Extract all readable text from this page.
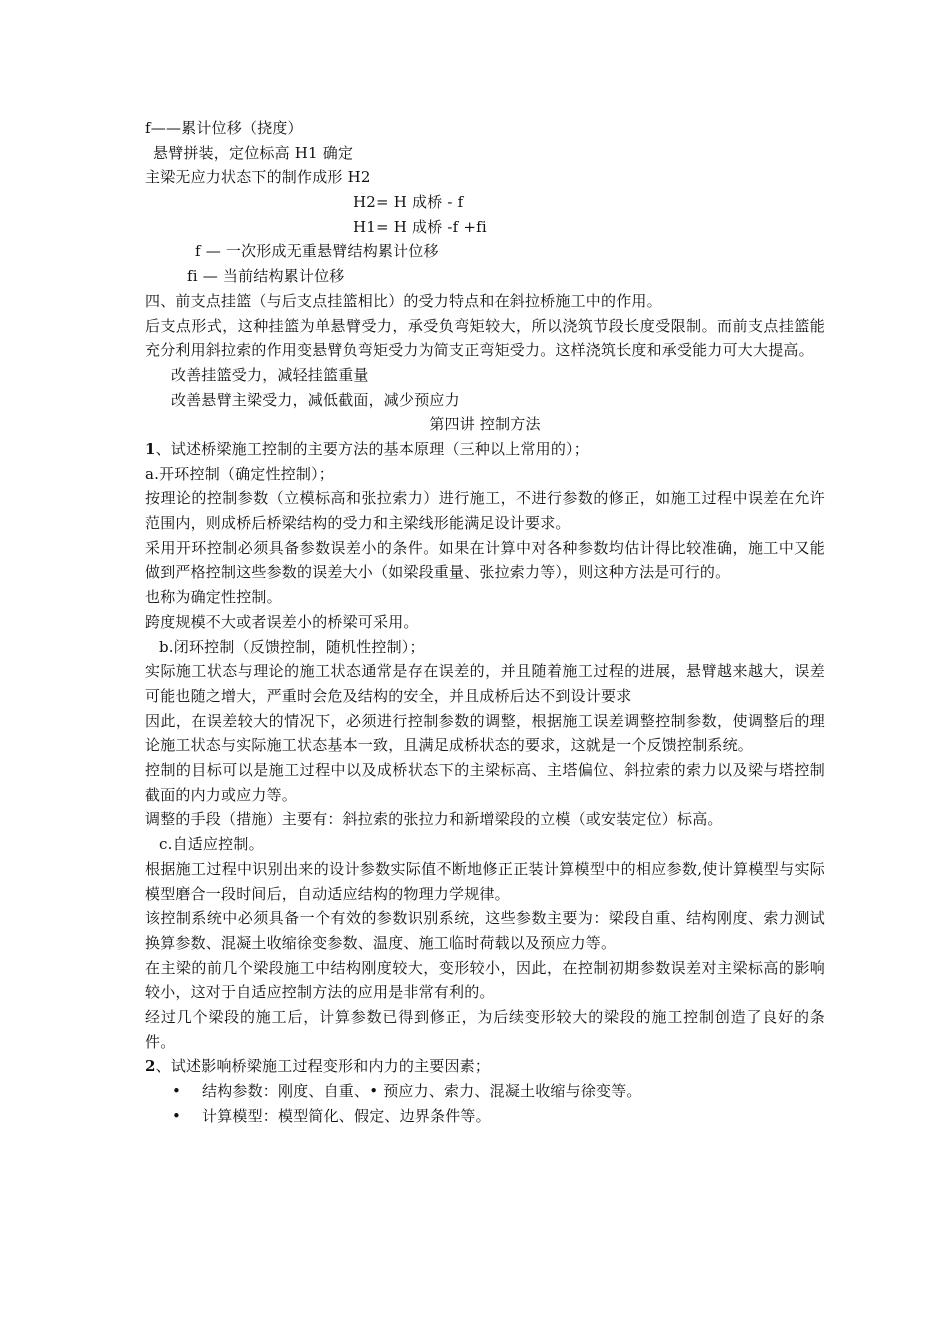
f——累计位移（挠度）
悬臂拼装，定位标高 H1 确定
主梁无应力状态下的制作成形 H2
H2= H 成桥 - f
H1= H 成桥 -f +fi
f — 一次形成无重悬臂结构累计位移
fi — 当前结构累计位移
四、前支点挂篮（与后支点挂篮相比）的受力特点和在斜拉桥施工中的作用。
后支点形式，这种挂篮为单悬臂受力，承受负弯矩较大，所以浇筑节段长度受限制。而前支点挂篮能充分利用斜拉索的作用变悬臂负弯矩受力为简支正弯矩受力。这样浇筑长度和承受能力可大大提高。
改善挂篮受力，减轻挂篮重量
改善悬臂主梁受力，减低截面，减少预应力
第四讲 控制方法
1、试述桥梁施工控制的主要方法的基本原理（三种以上常用的）；
a.开环控制（确定性控制）；
按理论的控制参数（立模标高和张拉索力）进行施工，不进行参数的修正，如施工过程中误差在允许范围内，则成桥后桥梁结构的受力和主梁线形能满足设计要求。
采用开环控制必须具备参数误差小的条件。如果在计算中对各种参数均估计得比较准确，施工中又能做到严格控制这些参数的误差大小（如梁段重量、张拉索力等），则这种方法是可行的。
也称为确定性控制。
跨度规模不大或者误差小的桥梁可采用。
b.闭环控制（反馈控制，随机性控制）；
实际施工状态与理论的施工状态通常是存在误差的，并且随着施工过程的进展，悬臂越来越大，误差可能也随之增大，严重时会危及结构的安全，并且成桥后达不到设计要求
因此，在误差较大的情况下，必须进行控制参数的调整，根据施工误差调整控制参数，使调整后的理论施工状态与实际施工状态基本一致，且满足成桥状态的要求，这就是一个反馈控制系统。
控制的目标可以是施工过程中以及成桥状态下的主梁标高、主塔偏位、斜拉索的索力以及梁与塔控制截面的内力或应力等。
调整的手段（措施）主要有：斜拉索的张拉力和新增梁段的立模（或安装定位）标高。
c.自适应控制。
根据施工过程中识别出来的设计参数实际值不断地修正正装计算模型中的相应参数,使计算模型与实际模型磨合一段时间后，自动适应结构的物理力学规律。
该控制系统中必须具备一个有效的参数识别系统，这些参数主要为：梁段自重、结构刚度、索力测试换算参数、混凝土收缩徐变参数、温度、施工临时荷载以及预应力等。
在主梁的前几个梁段施工中结构刚度较大，变形较小，因此，在控制初期参数误差对主梁标高的影响较小，这对于自适应控制方法的应用是非常有利的。
经过几个梁段的施工后，计算参数已得到修正，为后续变形较大的梁段的施工控制创造了良好的条件。
2、试述影响桥梁施工过程变形和内力的主要因素；
•	结构参数：刚度、自重、• 预应力、索力、混凝土收缩与徐变等。
•	计算模型：模型简化、假定、边界条件等。
